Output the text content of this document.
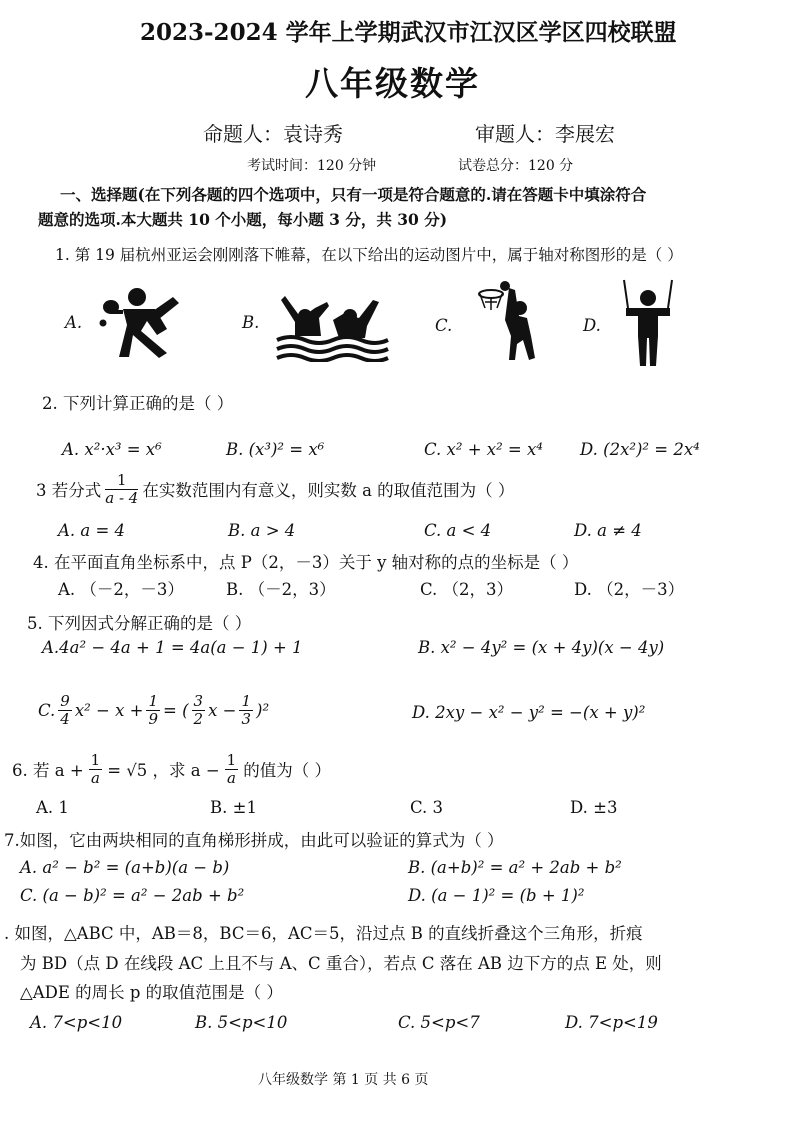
2023-2024 学年上学期武汉市江汉区学区四校联盟
八年级数学
命题人：袁诗秀	审题人：李展宏
考试时间：120 分钟	试卷总分：120 分
一、选择题(在下列各题的四个选项中，只有一项是符合题意的.请在答题卡中填涂符合
题意的选项.本大题共 10 个小题，每小题 3 分，共 30 分)
1. 第 19 届杭州亚运会刚刚落下帷幕，在以下给出的运动图片中，属于轴对称图形的是（ ）
A.	B.	C.	D.
2. 下列计算正确的是（ ）
A. x²·x³ = x⁶	B. (x³)² = x⁶	C. x² + x² = x⁴ D. (2x²)² = 2x⁴
3 若分式 $\frac{1}{a - 4}$ 在实数范围内有意义，则实数 a 的取值范围为（ ）
A. a = 4	B. a > 4	C. a < 4	D. a ≠ 4
4. 在平面直角坐标系中，点 P（2，－3）关于 y 轴对称的点的坐标是（ ）
A. （－2，－3）	B. （－2，3）	C. （2，3）	D. （2，－3）
5. 下列因式分解正确的是（ ）
A.4a² − 4a + 1 = 4a(a − 1) + 1	B. x² − 4y² = (x + 4y)(x − 4y)
C. $\frac{9}{4} x^2 - x + \frac{1}{9}$ = ( $\frac{3}{2}$ $x - \frac{1}{3} )^2$	D. 2xy − x² − y² = −(x + y)²
6. 若 $a + \frac{1}{a} = √5$ ，求 $a - \frac{1}{a}$ 的值为（ ）
A. 1	B. ±1	C. 3	D. ±3
7.如图，它由两块相同的直角梯形拼成，由此可以验证的算式为（ ）
A. a² − b² = (a+b)(a − b)	B. (a+b)² = a² + 2ab + b²
C. (a − b)² = a² − 2ab + b²	D. (a − 1)² = (b + 1)²
. 如图，△ABC 中，AB＝8，BC＝6，AC＝5，沿过点 B 的直线折叠这个三角形，折痕
为 BD（点 D 在线段 AC 上且不与 A、C 重合），若点 C 落在 AB 边下方的点 E 处，则
△ADE 的周长 p 的取值范围是（ ）
A. 7<p<10	B. 5<p<10	C. 5<p<7	D. 7<p<19
八年级数学 第 1 页 共 6 页
